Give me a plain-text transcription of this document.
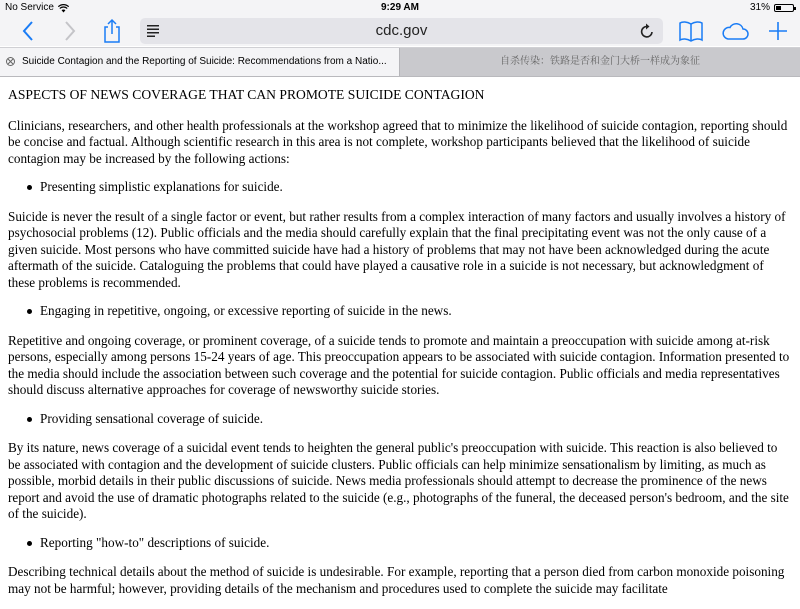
No Service	9:29 AM	31%
cdc.gov
Suicide Contagion and the Reporting of Suicide: Recommendations from a Natio...	自杀传染：铁路是否和金门大桥一样成为象征
ASPECTS OF NEWS COVERAGE THAT CAN PROMOTE SUICIDE CONTAGION

Clinicians, researchers, and other health professionals at the workshop agreed that to minimize the likelihood of suicide contagion, reporting should be concise and factual. Although scientific research in this area is not complete, workshop participants believed that the likelihood of suicide contagion may be increased by the following actions:

Presenting simplistic explanations for suicide.

Suicide is never the result of a single factor or event, but rather results from a complex interaction of many factors and usually involves a history of psychosocial problems (12). Public officials and the media should carefully explain that the final precipitating event was not the only cause of a given suicide. Most persons who have committed suicide have had a history of problems that may not have been acknowledged during the acute aftermath of the suicide. Cataloguing the problems that could have played a causative role in a suicide is not necessary, but acknowledgment of these problems is recommended.

Engaging in repetitive, ongoing, or excessive reporting of suicide in the news.

Repetitive and ongoing coverage, or prominent coverage, of a suicide tends to promote and maintain a preoccupation with suicide among at-risk persons, especially among persons 15-24 years of age. This preoccupation appears to be associated with suicide contagion. Information presented to the media should include the association between such coverage and the potential for suicide contagion. Public officials and media representatives should discuss alternative approaches for coverage of newsworthy suicide stories.

Providing sensational coverage of suicide.

By its nature, news coverage of a suicidal event tends to heighten the general public's preoccupation with suicide. This reaction is also believed to be associated with contagion and the development of suicide clusters. Public officials can help minimize sensationalism by limiting, as much as possible, morbid details in their public discussions of suicide. News media professionals should attempt to decrease the prominence of the news report and avoid the use of dramatic photographs related to the suicide (e.g., photographs of the funeral, the deceased person's bedroom, and the site of the suicide).

Reporting "how-to" descriptions of suicide.

Describing technical details about the method of suicide is undesirable. For example, reporting that a person died from carbon monoxide poisoning may not be harmful; however, providing details of the mechanism and procedures used to complete the suicide may facilitate
